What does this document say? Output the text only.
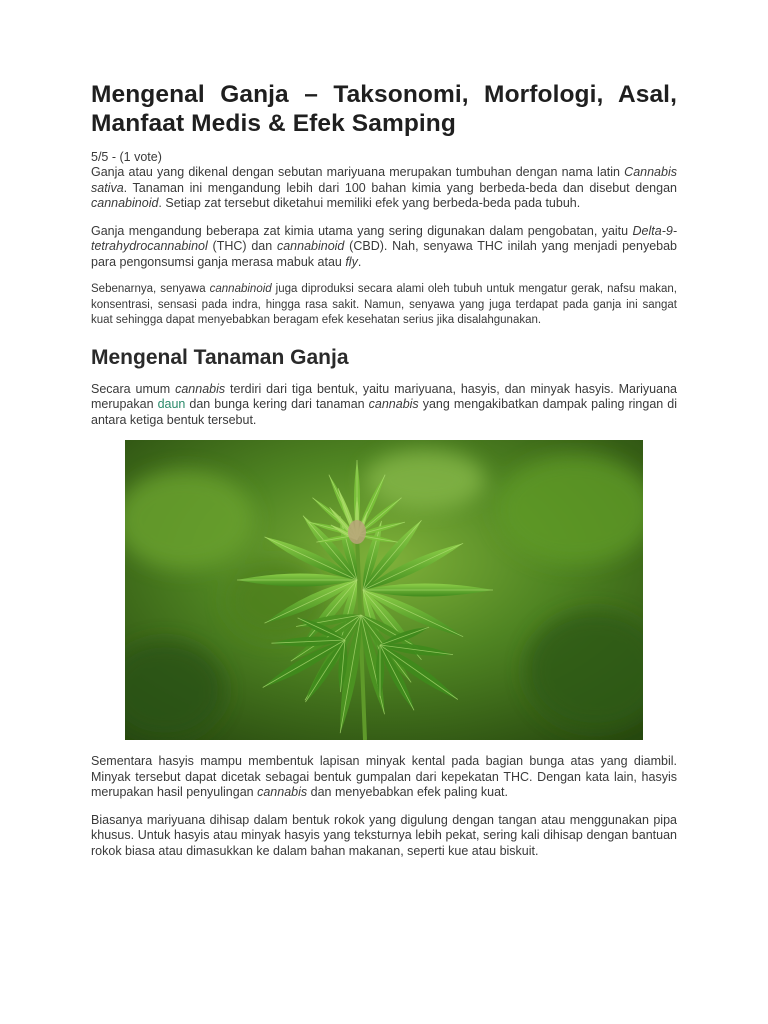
Mengenal Ganja – Taksonomi, Morfologi, Asal, Manfaat Medis & Efek Samping
5/5 - (1 vote)

Ganja atau yang dikenal dengan sebutan mariyuana merupakan tumbuhan dengan nama latin Cannabis sativa. Tanaman ini mengandung lebih dari 100 bahan kimia yang berbeda-beda dan disebut dengan cannabinoid. Setiap zat tersebut diketahui memiliki efek yang berbeda-beda pada tubuh.

Ganja mengandung beberapa zat kimia utama yang sering digunakan dalam pengobatan, yaitu Delta-9-tetrahydrocannabinol (THC) dan cannabinoid (CBD). Nah, senyawa THC inilah yang menjadi penyebab para pengonsumsi ganja merasa mabuk atau fly.

Sebenarnya, senyawa cannabinoid juga diproduksi secara alami oleh tubuh untuk mengatur gerak, nafsu makan, konsentrasi, sensasi pada indra, hingga rasa sakit. Namun, senyawa yang juga terdapat pada ganja ini sangat kuat sehingga dapat menyebabkan beragam efek kesehatan serius jika disalahgunakan.

Mengenal Tanaman Ganja

Secara umum cannabis terdiri dari tiga bentuk, yaitu mariyuana, hasyis, dan minyak hasyis. Mariyuana merupakan daun dan bunga kering dari tanaman cannabis yang mengakibatkan dampak paling ringan di antara ketiga bentuk tersebut.

Sementara hasyis mampu membentuk lapisan minyak kental pada bagian bunga atas yang diambil. Minyak tersebut dapat dicetak sebagai bentuk gumpalan dari kepekatan THC. Dengan kata lain, hasyis merupakan hasil penyulingan cannabis dan menyebabkan efek paling kuat.

Biasanya mariyuana dihisap dalam bentuk rokok yang digulung dengan tangan atau menggunakan pipa khusus. Untuk hasyis atau minyak hasyis yang teksturnya lebih pekat, sering kali dihisap dengan bantuan rokok biasa atau dimasukkan ke dalam bahan makanan, seperti kue atau biskuit.
